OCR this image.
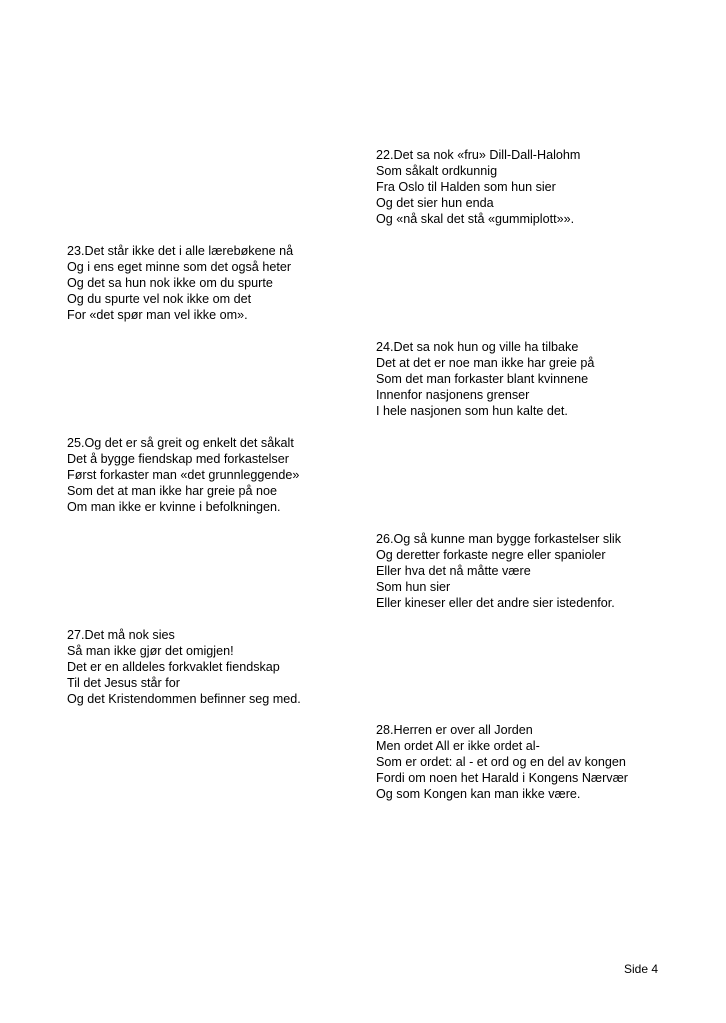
22.Det sa nok «fru» Dill-Dall-Halohm
Som såkalt ordkunnig
Fra Oslo til Halden som hun sier
Og det sier hun enda
Og «nå skal det stå «gummiplott»».
23.Det står ikke det i alle lærebøkene nå
Og i ens eget minne som det også heter
Og det sa hun nok ikke om du spurte
Og du spurte vel nok ikke om det
For «det spør man vel ikke om».
24.Det sa nok hun og ville ha tilbake
Det at det er noe man ikke har greie på
Som det man forkaster blant kvinnene
Innenfor nasjonens grenser
I hele nasjonen som hun kalte det.
25.Og det er så greit og enkelt det såkalt
Det å bygge fiendskap med forkastelser
Først forkaster man «det grunnleggende»
Som det at man ikke har greie på noe
Om man ikke er kvinne i befolkningen.
26.Og så kunne man bygge forkastelser slik
Og deretter forkaste negre eller spanioler
Eller hva det nå måtte være
Som hun sier
Eller kineser eller det andre sier istedenfor.
27.Det må nok sies
Så man ikke gjør det omigjen!
Det er en alldeles forkvaklet fiendskap
Til det Jesus står for
Og det Kristendommen befinner seg med.
28.Herren er over all Jorden
Men ordet All er ikke ordet al-
Som er ordet: al - et ord og en del av kongen
Fordi om noen het Harald i Kongens Nærvær
Og som Kongen kan man ikke være.
Side 4
